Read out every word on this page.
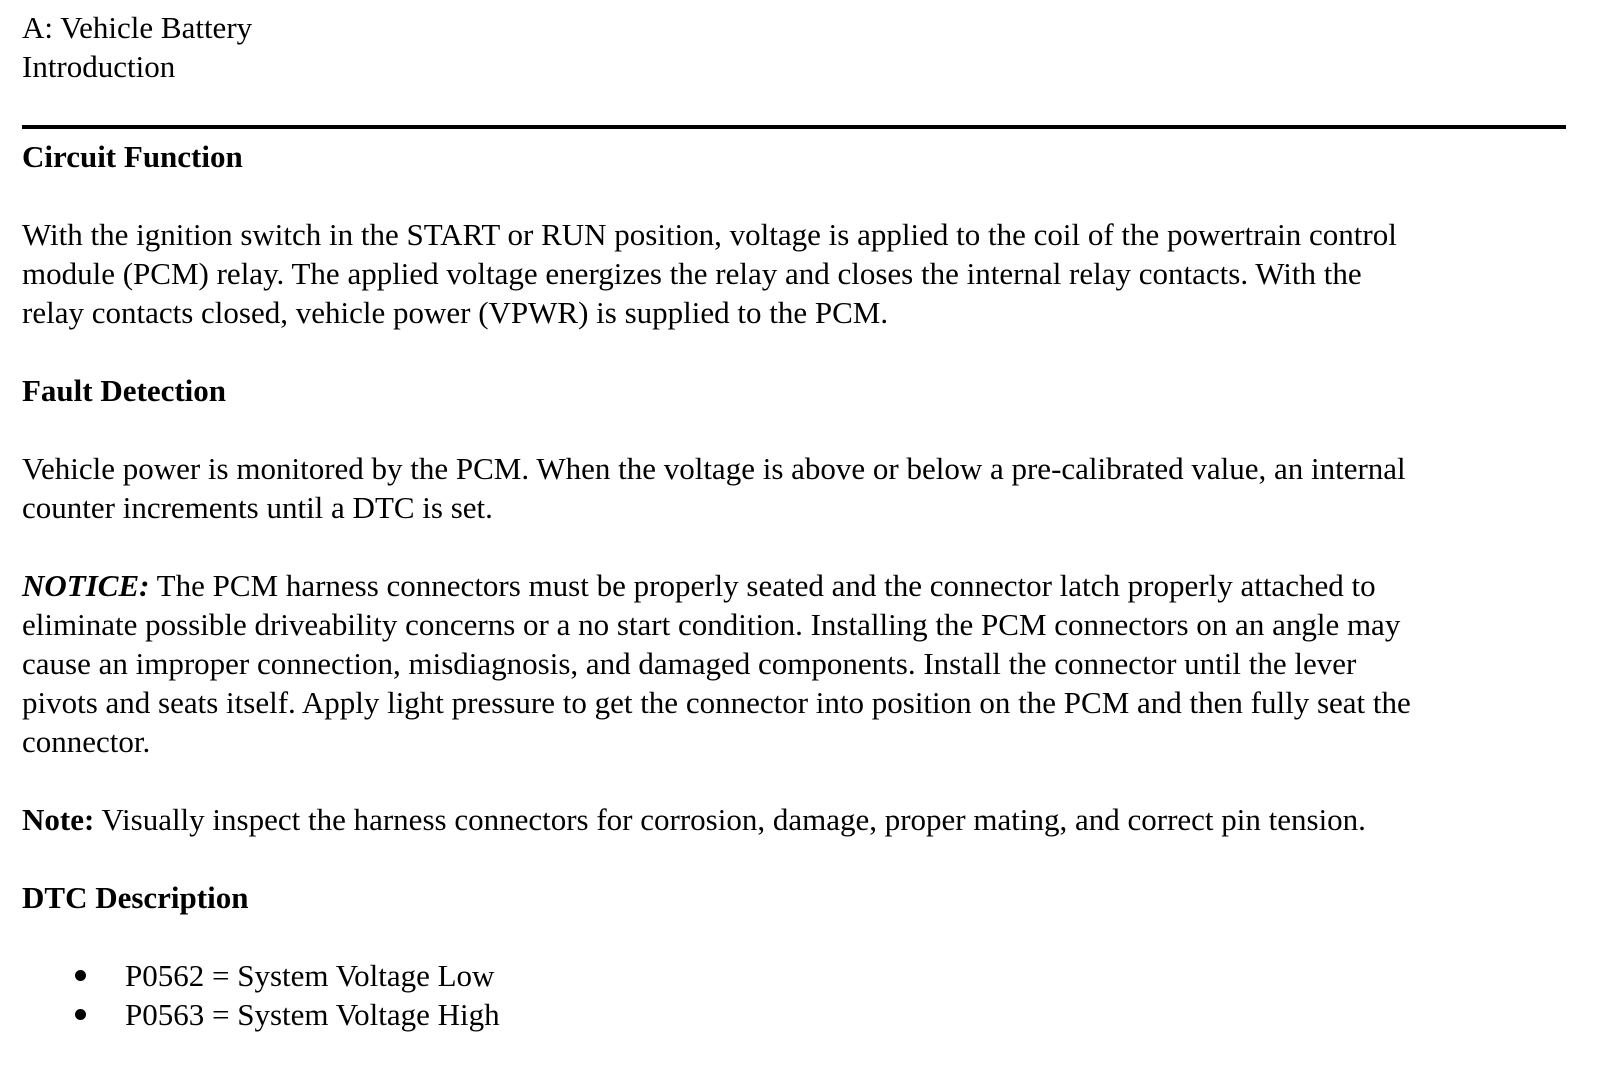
A: Vehicle Battery
Introduction
Circuit Function
With the ignition switch in the START or RUN position, voltage is applied to the coil of the powertrain control
module (PCM) relay. The applied voltage energizes the relay and closes the internal relay contacts. With the
relay contacts closed, vehicle power (VPWR) is supplied to the PCM.
Fault Detection
Vehicle power is monitored by the PCM. When the voltage is above or below a pre-calibrated value, an internal
counter increments until a DTC is set.
NOTICE: The PCM harness connectors must be properly seated and the connector latch properly attached to
eliminate possible driveability concerns or a no start condition. Installing the PCM connectors on an angle may
cause an improper connection, misdiagnosis, and damaged components. Install the connector until the lever
pivots and seats itself. Apply light pressure to get the connector into position on the PCM and then fully seat the
connector.
Note: Visually inspect the harness connectors for corrosion, damage, proper mating, and correct pin tension.
DTC Description
P0562 = System Voltage Low
P0563 = System Voltage High
